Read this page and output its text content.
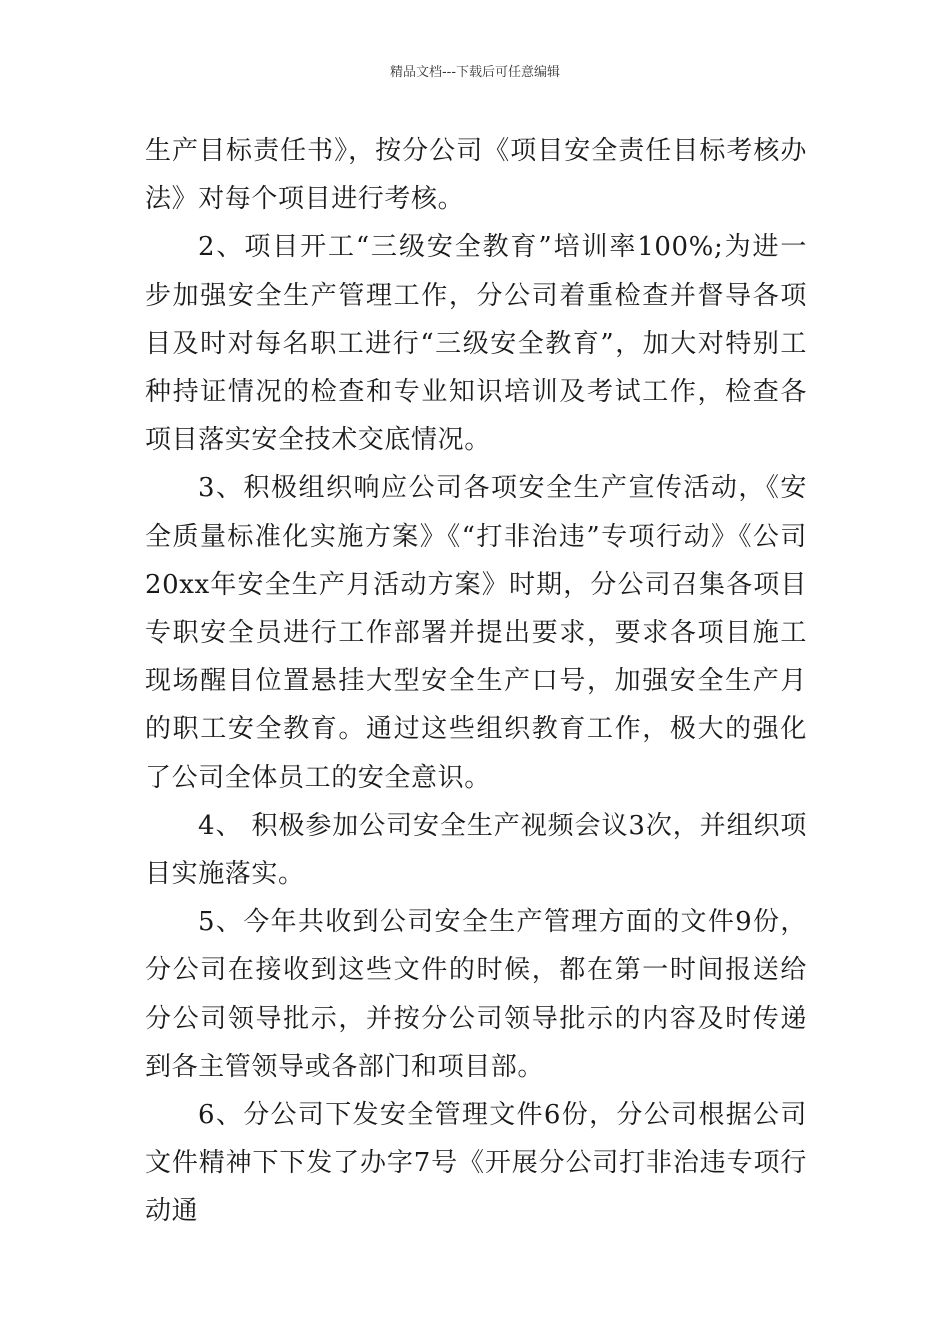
精品文档---下载后可任意编辑

生产目标责任书》，按分公司《项目安全责任目标考核办法》对每个项目进行考核。

2、项目开工“三级安全教育”培训率100%;为进一步加强安全生产管理工作，分公司着重检查并督导各项目及时对每名职工进行“三级安全教育”，加大对特别工种持证情况的检查和专业知识培训及考试工作，检查各项目落实安全技术交底情况。

3、积极组织响应公司各项安全生产宣传活动，《安全质量标准化实施方案》《“打非治违”专项行动》《公司20xx年安全生产月活动方案》时期，分公司召集各项目专职安全员进行工作部署并提出要求，要求各项目施工现场醒目位置悬挂大型安全生产口号，加强安全生产月的职工安全教育。通过这些组织教育工作，极大的强化了公司全体员工的安全意识。

4、 积极参加公司安全生产视频会议3次，并组织项目实施落实。

5、今年共收到公司安全生产管理方面的文件9份，分公司在接收到这些文件的时候，都在第一时间报送给分公司领导批示，并按分公司领导批示的内容及时传递到各主管领导或各部门和项目部。

6、分公司下发安全管理文件6份，分公司根据公司文件精神下下发了办字7号《开展分公司打非治违专项行动通
